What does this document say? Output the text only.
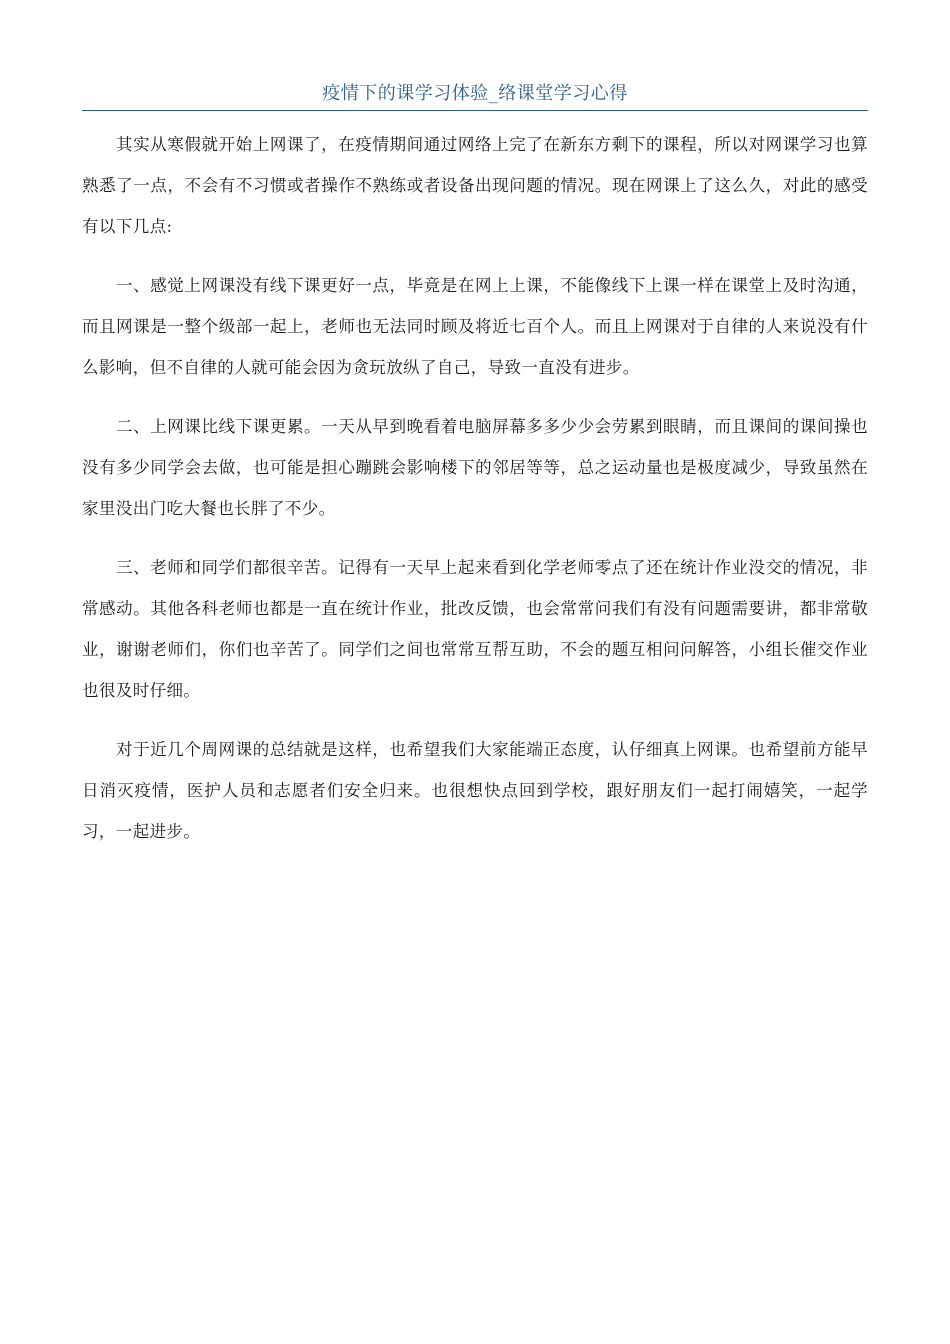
疫情下的课学习体验_络课堂学习心得

其实从寒假就开始上网课了，在疫情期间通过网络上完了在新东方剩下的课程，所以对网课学习也算熟悉了一点，不会有不习惯或者操作不熟练或者设备出现问题的情况。现在网课上了这么久，对此的感受有以下几点:

一、感觉上网课没有线下课更好一点，毕竟是在网上上课，不能像线下上课一样在课堂上及时沟通，而且网课是一整个级部一起上，老师也无法同时顾及将近七百个人。而且上网课对于自律的人来说没有什么影响，但不自律的人就可能会因为贪玩放纵了自己，导致一直没有进步。

二、上网课比线下课更累。一天从早到晚看着电脑屏幕多多少少会劳累到眼睛，而且课间的课间操也没有多少同学会去做，也可能是担心蹦跳会影响楼下的邻居等等，总之运动量也是极度减少，导致虽然在家里没出门吃大餐也长胖了不少。

三、老师和同学们都很辛苦。记得有一天早上起来看到化学老师零点了还在统计作业没交的情况，非常感动。其他各科老师也都是一直在统计作业，批改反馈，也会常常问我们有没有问题需要讲，都非常敬业，谢谢老师们，你们也辛苦了。同学们之间也常常互帮互助，不会的题互相问问解答，小组长催交作业也很及时仔细。

对于近几个周网课的总结就是这样，也希望我们大家能端正态度，认仔细真上网课。也希望前方能早日消灭疫情，医护人员和志愿者们安全归来。也很想快点回到学校，跟好朋友们一起打闹嬉笑，一起学习，一起进步。
